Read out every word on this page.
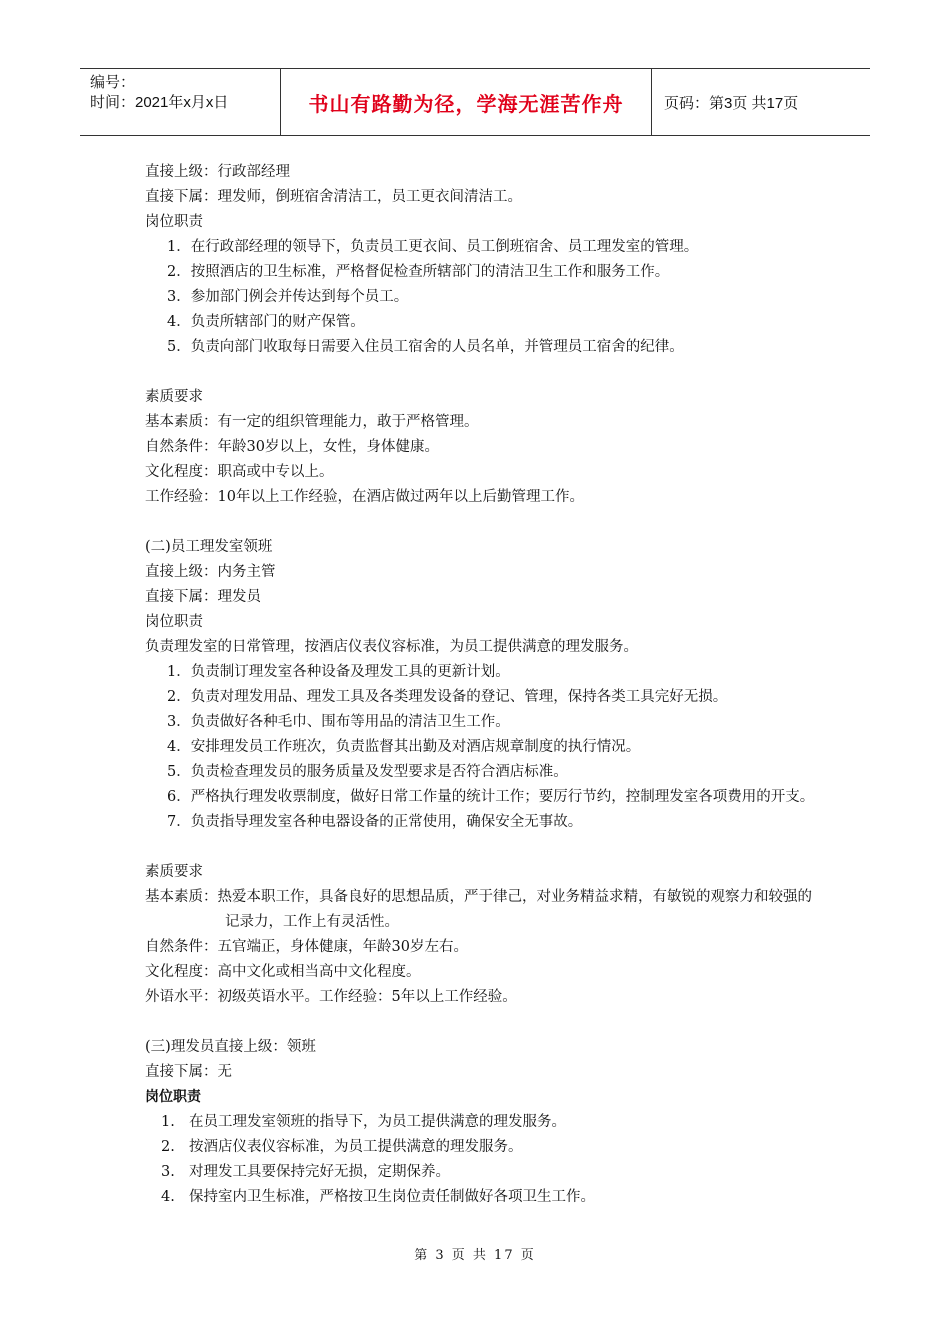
编号：
时间：2021年x月x日	书山有路勤为径，学海无涯苦作舟	页码：第3页 共17页
直接上级：行政部经理
直接下属：理发师，倒班宿舍清洁工，员工更衣间清洁工。
岗位职责
1．在行政部经理的领导下，负责员工更衣间、员工倒班宿舍、员工理发室的管理。
2．按照酒店的卫生标准，严格督促检查所辖部门的清洁卫生工作和服务工作。
3．参加部门例会并传达到每个员工。
4．负责所辖部门的财产保管。
5．负责向部门收取每日需要入住员工宿舍的人员名单，并管理员工宿舍的纪律。
素质要求
基本素质：有一定的组织管理能力，敢于严格管理。
自然条件：年龄30岁以上，女性，身体健康。
文化程度：职高或中专以上。
工作经验：10年以上工作经验，在酒店做过两年以上后勤管理工作。
(二)员工理发室领班
直接上级：内务主管
直接下属：理发员
岗位职责
负责理发室的日常管理，按酒店仪表仪容标准，为员工提供满意的理发服务。
1．负责制订理发室各种设备及理发工具的更新计划。
2．负责对理发用品、理发工具及各类理发设备的登记、管理，保持各类工具完好无损。
3．负责做好各种毛巾、围布等用品的清洁卫生工作。
4．安排理发员工作班次，负责监督其出勤及对酒店规章制度的执行情况。
5．负责检查理发员的服务质量及发型要求是否符合酒店标准。
6．严格执行理发收票制度，做好日常工作量的统计工作；要厉行节约，控制理发室各项费用的开支。
7．负责指导理发室各种电器设备的正常使用，确保安全无事故。
素质要求
基本素质：热爱本职工作，具备良好的思想品质，严于律己，对业务精益求精，有敏锐的观察力和较强的记录力，工作上有灵活性。
自然条件：五官端正，身体健康，年龄30岁左右。
文化程度：高中文化或相当高中文化程度。
外语水平：初级英语水平。工作经验：5年以上工作经验。
(三)理发员直接上级：领班
直接下属：无
岗位职责
1. 在员工理发室领班的指导下，为员工提供满意的理发服务。
2. 按酒店仪表仪容标准，为员工提供满意的理发服务。
3. 对理发工具要保持完好无损，定期保养。
4. 保持室内卫生标准，严格按卫生岗位责任制做好各项卫生工作。
第 3 页 共 17 页
